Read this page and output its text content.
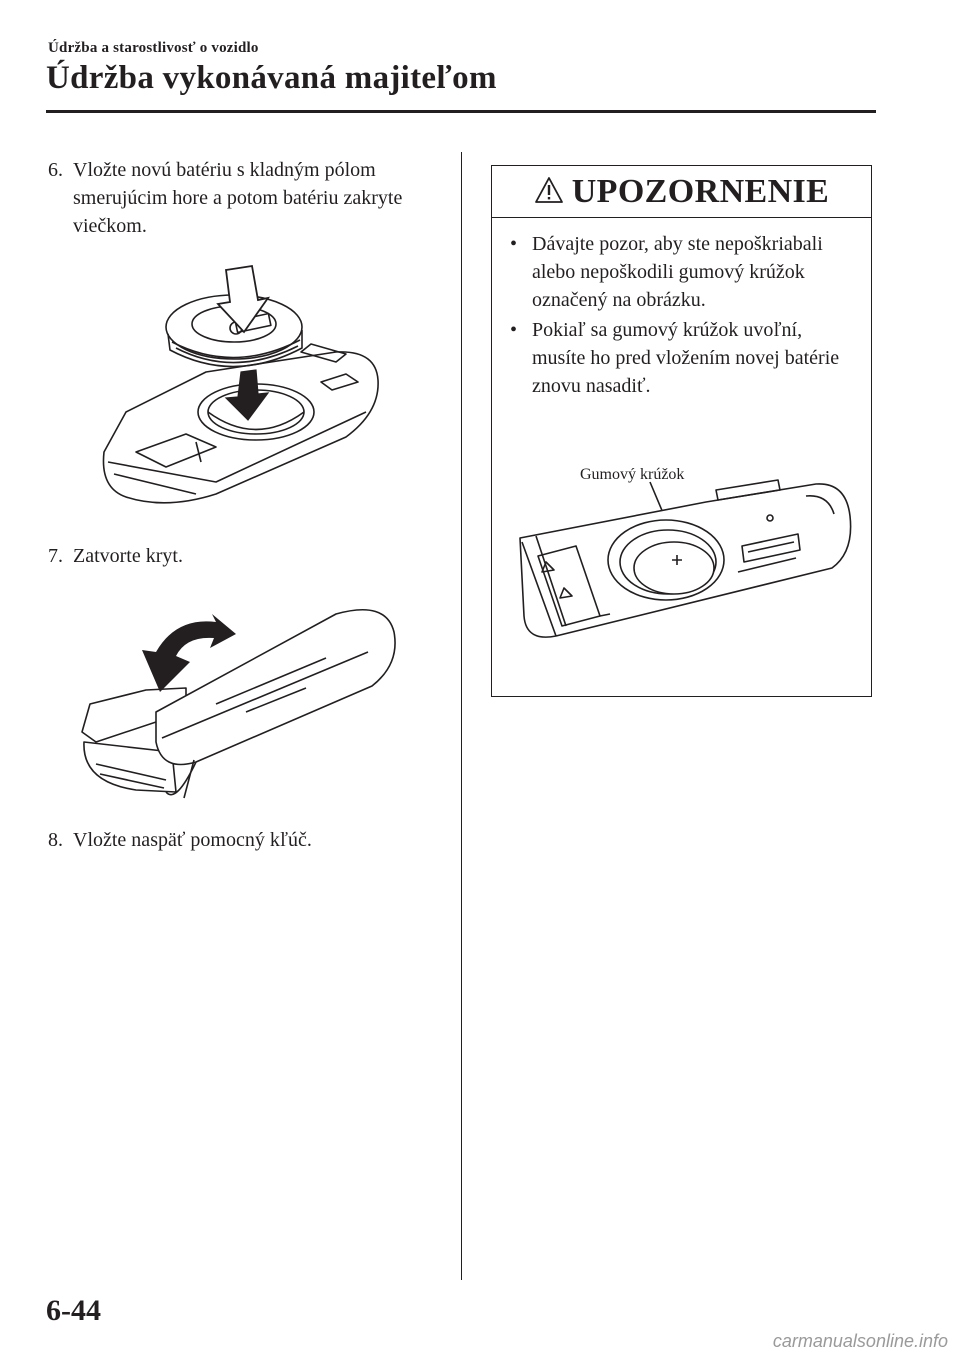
Údržba a starostlivosť o vozidlo
Údržba vykonávaná majiteľom
6. Vložte novú batériu s kladným pólom smerujúcim hore a potom batériu zakryte viečkom.
7. Zatvorte kryt.
8. Vložte naspäť pomocný kľúč.
UPOZORNENIE
• Dávajte pozor, aby ste nepoškriabali alebo nepoškodili gumový krúžok označený na obrázku.
• Pokiaľ sa gumový krúžok uvoľní, musíte ho pred vložením novej batérie znovu nasadiť.
Gumový krúžok
6-44
carmanualsonline.info
